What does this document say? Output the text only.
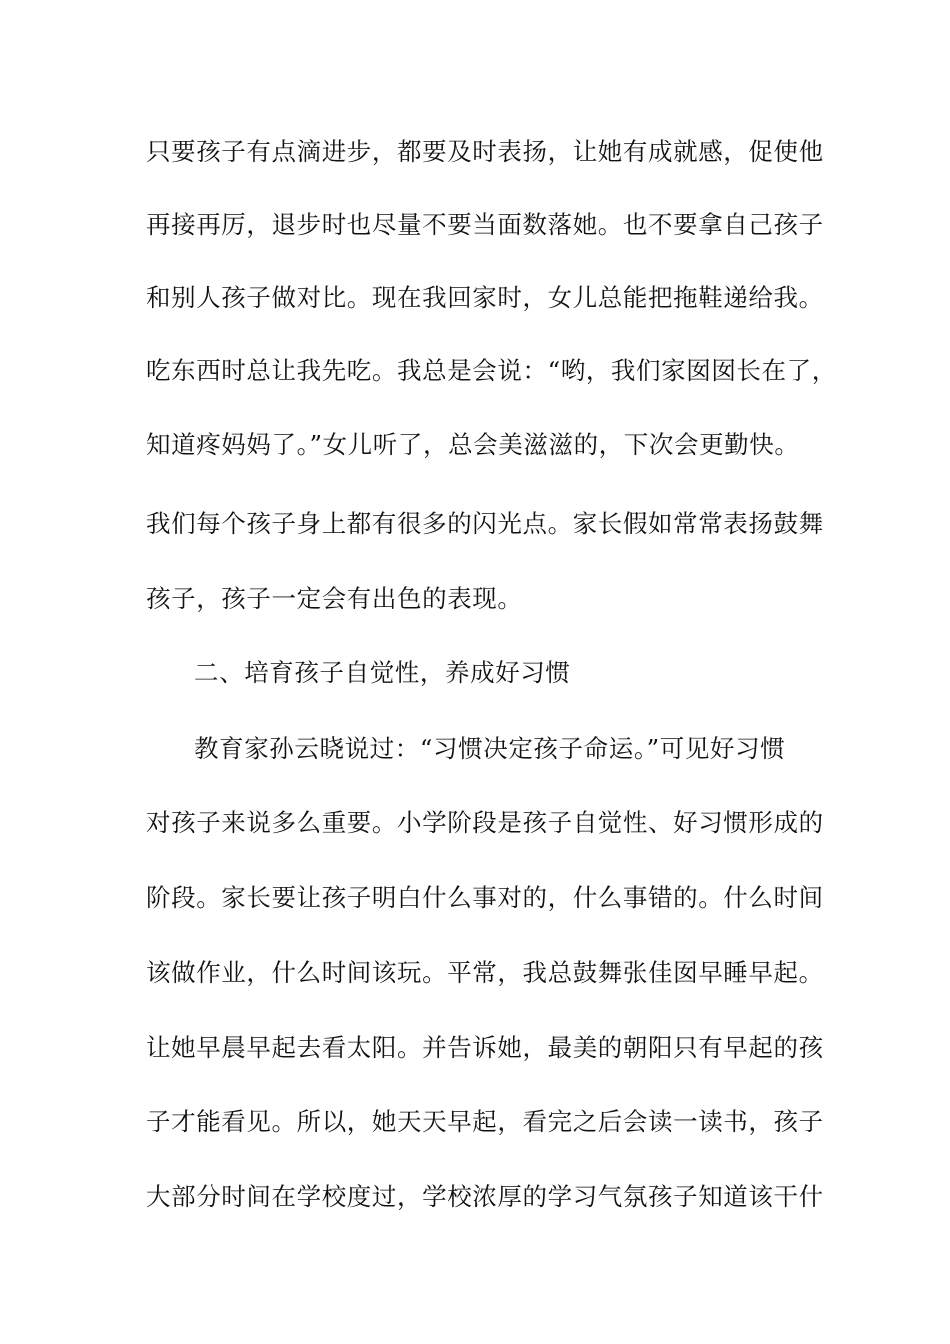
只要孩子有点滴进步，都要及时表扬，让她有成就感，促使他
再接再厉，退步时也尽量不要当面数落她。也不要拿自己孩子
和别人孩子做对比。现在我回家时，女儿总能把拖鞋递给我。
吃东西时总让我先吃。我总是会说：“哟，我们家囡囡长在了，
知道疼妈妈了。”女儿听了，总会美滋滋的，下次会更勤快。
我们每个孩子身上都有很多的闪光点。家长假如常常表扬鼓舞
孩子，孩子一定会有出色的表现。
二、培育孩子自觉性，养成好习惯
教育家孙云晓说过：“习惯决定孩子命运。”可见好习惯
对孩子来说多么重要。小学阶段是孩子自觉性、好习惯形成的
阶段。家长要让孩子明白什么事对的，什么事错的。什么时间
该做作业，什么时间该玩。平常，我总鼓舞张佳囡早睡早起。
让她早晨早起去看太阳。并告诉她，最美的朝阳只有早起的孩
子才能看见。所以，她天天早起，看完之后会读一读书，孩子
大部分时间在学校度过，学校浓厚的学习气氛孩子知道该干什
